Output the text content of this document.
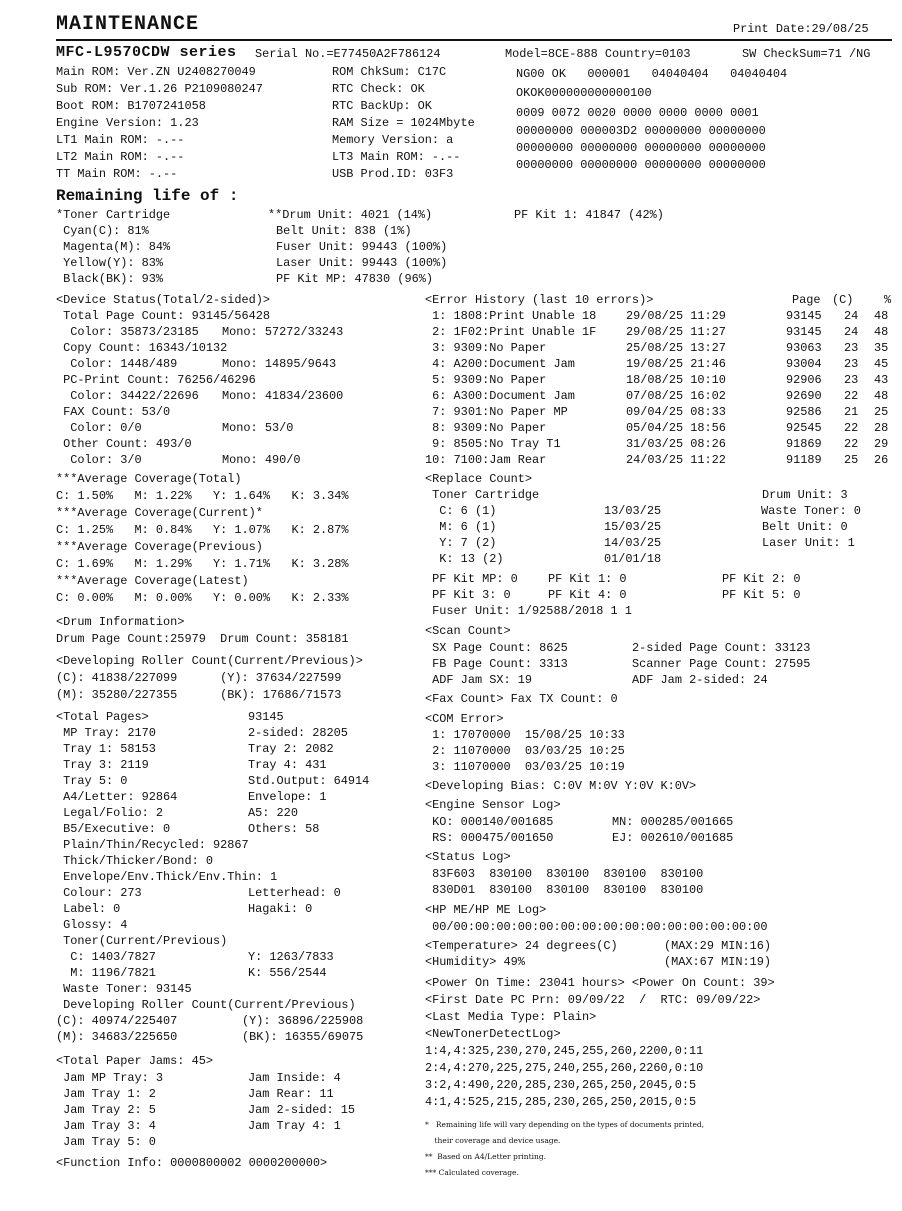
MAINTENANCE	Print Date:29/08/25
MFC-L9570CDW series Serial No.=E77450A2F786124	Model=8CE-888 Country=0103	SW CheckSum=71 /NG
Main ROM: Ver.ZN U2408270049
Sub ROM: Ver.1.26 P2109080247
Boot ROM: B1707241058
Engine Version: 1.23
LT1 Main ROM: -.--
LT2 Main ROM: -.--
TT Main ROM: -.--
ROM ChkSum: C17C
RTC Check: OK
RTC BackUp: OK
RAM Size = 1024Mbyte
Memory Version: a
LT3 Main ROM: -.--
USB Prod.ID: 03F3
NG00 OK   000001   04040404   04040404
OKOK000000000000100
0009 0072 0020 0000 0000 0000 0001
00000000 000003D2 00000000 00000000
00000000 00000000 00000000 00000000
00000000 00000000 00000000 00000000
Remaining life of :
*Toner Cartridge
Cyan(C): 81%
Magenta(M): 84%
Yellow(Y): 83%
Black(BK): 93%
**Drum Unit: 4021 (14%)
Belt Unit: 838 (1%)
Fuser Unit: 99443 (100%)
Laser Unit: 99443 (100%)
PF Kit MP: 47830 (96%)
PF Kit 1: 41847 (42%)
<Device Status(Total/2-sided)>
Total Page Count: 93145/56428
Color: 35873/23185 Mono: 57272/33243
Copy Count: 16343/10132
Color: 1448/489	Mono: 14895/9643
PC-Print Count: 76256/46296
Color: 34422/22696 Mono: 41834/23600
FAX Count: 53/0
Color: 0/0	Mono: 53/0
Other Count: 493/0
Color: 3/0	Mono: 490/0
***Average Coverage(Total)
C: 1.50%   M: 1.22%   Y: 1.64%   K: 3.34%
***Average Coverage(Current)*
C: 1.25%   M: 0.84%   Y: 1.07%   K: 2.87%
***Average Coverage(Previous)
C: 1.69%   M: 1.29%   Y: 1.71%   K: 3.28%
***Average Coverage(Latest)
C: 0.00%   M: 0.00%   Y: 0.00%   K: 2.33%
<Drum Information>
Drum Page Count:25979  Drum Count: 358181
<Developing Roller Count(Current/Previous)>
(C): 41838/227099      (Y): 37634/227599
(M): 35280/227355      (BK): 17686/71573
<Total Pages>	93145
MP Tray: 2170	2-sided: 28205
Tray 1: 58153	Tray 2: 2082
Tray 3: 2119	Tray 4: 431
Tray 5: 0	Std.Output: 64914
A4/Letter: 92864	Envelope: 1
Legal/Folio: 2	A5: 220
B5/Executive: 0	Others: 58
Plain/Thin/Recycled: 92867
Thick/Thicker/Bond: 0
Envelope/Env.Thick/Env.Thin: 1
Colour: 273	Letterhead: 0
Label: 0	Hagaki: 0
Glossy: 4
Toner(Current/Previous)
C: 1403/7827	Y: 1263/7833
M: 1196/7821	K: 556/2544
Waste Toner: 93145
Developing Roller Count(Current/Previous)
(C): 40974/225407	(Y): 36896/225908
(M): 34683/225650	(BK): 16355/69075
<Total Paper Jams: 45>
Jam MP Tray: 3	Jam Inside: 4
Jam Tray 1: 2	Jam Rear: 11
Jam Tray 2: 5	Jam 2-sided: 15
Jam Tray 3: 4	Jam Tray 4: 1
Jam Tray 5: 0
<Function Info: 0000800002 0000200000>
<Error History (last 10 errors)>	Page (C)	%
1: 1808:Print Unable 18 29/08/25 11:29	93145 24 48
2: 1F02:Print Unable 1F 29/08/25 11:27	93145 24 48
3: 9309:No Paper	25/08/25 13:27	93063 23 35
4: A200:Document Jam	19/08/25 21:46	93004 23 45
5: 9309:No Paper	18/08/25 10:10	92906 23 43
6: A300:Document Jam	07/08/25 16:02	92690 22 48
7: 9301:No Paper MP	09/04/25 08:33	92586 21 25
8: 9309:No Paper	05/04/25 18:56	92545 22 28
9: 8505:No Tray T1	31/03/25 08:26	91869 22 29
10: 7100:Jam Rear	24/03/25 11:22	91189 25 26
<Replace Count>
Toner Cartridge
C: 6 (1)	13/03/25
M: 6 (1)	15/03/25
Y: 7 (2)	14/03/25
K: 13 (2)	01/01/18
Drum Unit: 3
Waste Toner: 0
Belt Unit: 0
Laser Unit: 1
PF Kit MP: 0	PF Kit 1: 0	PF Kit 2: 0
PF Kit 3: 0	PF Kit 4: 0	PF Kit 5: 0
Fuser Unit: 1/92588/2018 1 1
<Scan Count>
SX Page Count: 8625	2-sided Page Count: 33123
FB Page Count: 3313	Scanner Page Count: 27595
ADF Jam SX: 19	ADF Jam 2-sided: 24
<Fax Count> Fax TX Count: 0
<COM Error>
1: 17070000  15/08/25 10:33
2: 11070000  03/03/25 10:25
3: 11070000  03/03/25 10:19
<Developing Bias: C:0V M:0V Y:0V K:0V>
<Engine Sensor Log>
KO: 000140/001685	MN: 000285/001665
RS: 000475/001650	EJ: 002610/001685
<Status Log>
83F603  830100  830100  830100  830100
830D01  830100  830100  830100  830100
<HP ME/HP ME Log>
00/00:00:00:00:00:00:00:00:00:00:00:00:00:00:00
<Temperature> 24 degrees(C)	(MAX:29 MIN:16)
<Humidity> 49%	(MAX:67 MIN:19)
<Power On Time: 23041 hours> <Power On Count: 39>
<First Date PC Prn: 09/09/22  /  RTC: 09/09/22>
<Last Media Type: Plain>
<NewTonerDetectLog>
1:4,4:325,230,270,245,255,260,2200,0:11
2:4,4:270,225,275,240,255,260,2260,0:10
3:2,4:490,220,285,230,265,250,2045,0:5
4:1,4:525,215,285,230,265,250,2015,0:5
*   Remaining life will vary depending on the types of documents printed,
their coverage and device usage.
**  Based on A4/Letter printing.
*** Calculated coverage.
